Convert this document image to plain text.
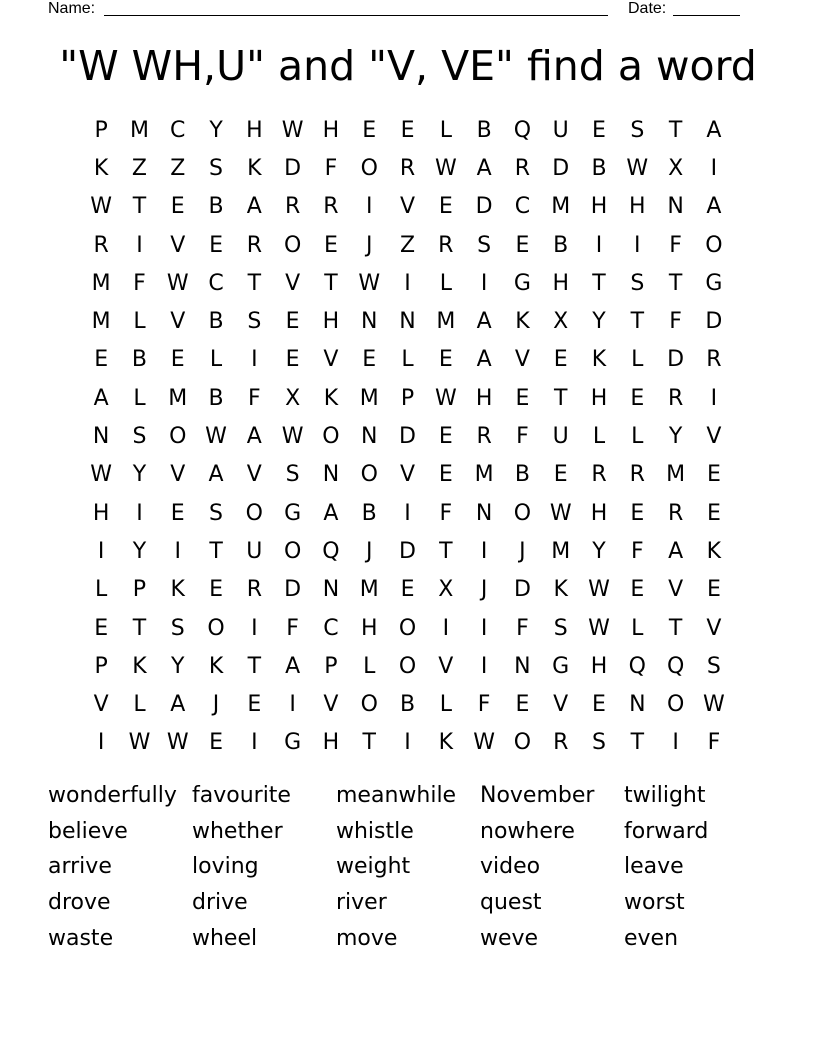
Name:	Date:
"W WH,U" and "V, VE" find a word
P	M C	Y	H W H	E	E	L	B	Q U	E	S	T	A
K	Z	Z	S	K	D	F	O R W A	R	D	B W X	I
W T	E	B	A	R	R	I	V	E	D	C M H H N	A
R	I	V	E	R O	E	J	Z	R	S	E	B	I	I	F	O
M	F W C	T	V	T W	I	L	I	G H	T	S	T	G
M	L	V	B	S	E	H N N M A	K	X	Y	T	F	D
E	B	E	L	I	E	V	E	L	E	A	V	E	K	L	D	R
A	L	M B	F	X	K M	P W H	E	T	H	E	R	I
N	S	O W A W O N D	E	R	F	U	L	L	Y	V
W Y	V	A	V	S	N O	V	E M B	E	R	R M E
H	I	E	S	O G	A	B	I	F	N O W H	E	R	E
I	Y	I	T	U O Q	J	D	T	I	J	M	Y	F	A	K
L	P	K	E	R	D N M E	X	J	D	K W E	V	E
E	T	S	O	I	F	C	H O	I	I	F	S W L	T	V
P	K	Y	K	T	A	P	L	O	V	I	N G H Q Q	S
V	L	A	J	E	I	V	O	B	L	F	E	V	E	N O W
I	W W E	I	G H	T	I	K W O R	S	T	I	F
wonderfully favourite	meanwhile	November	twilight
believe	whether	whistle	nowhere	forward
arrive	loving	weight	video	leave
drove	drive	river	quest	worst
waste	wheel	move	weve	even
